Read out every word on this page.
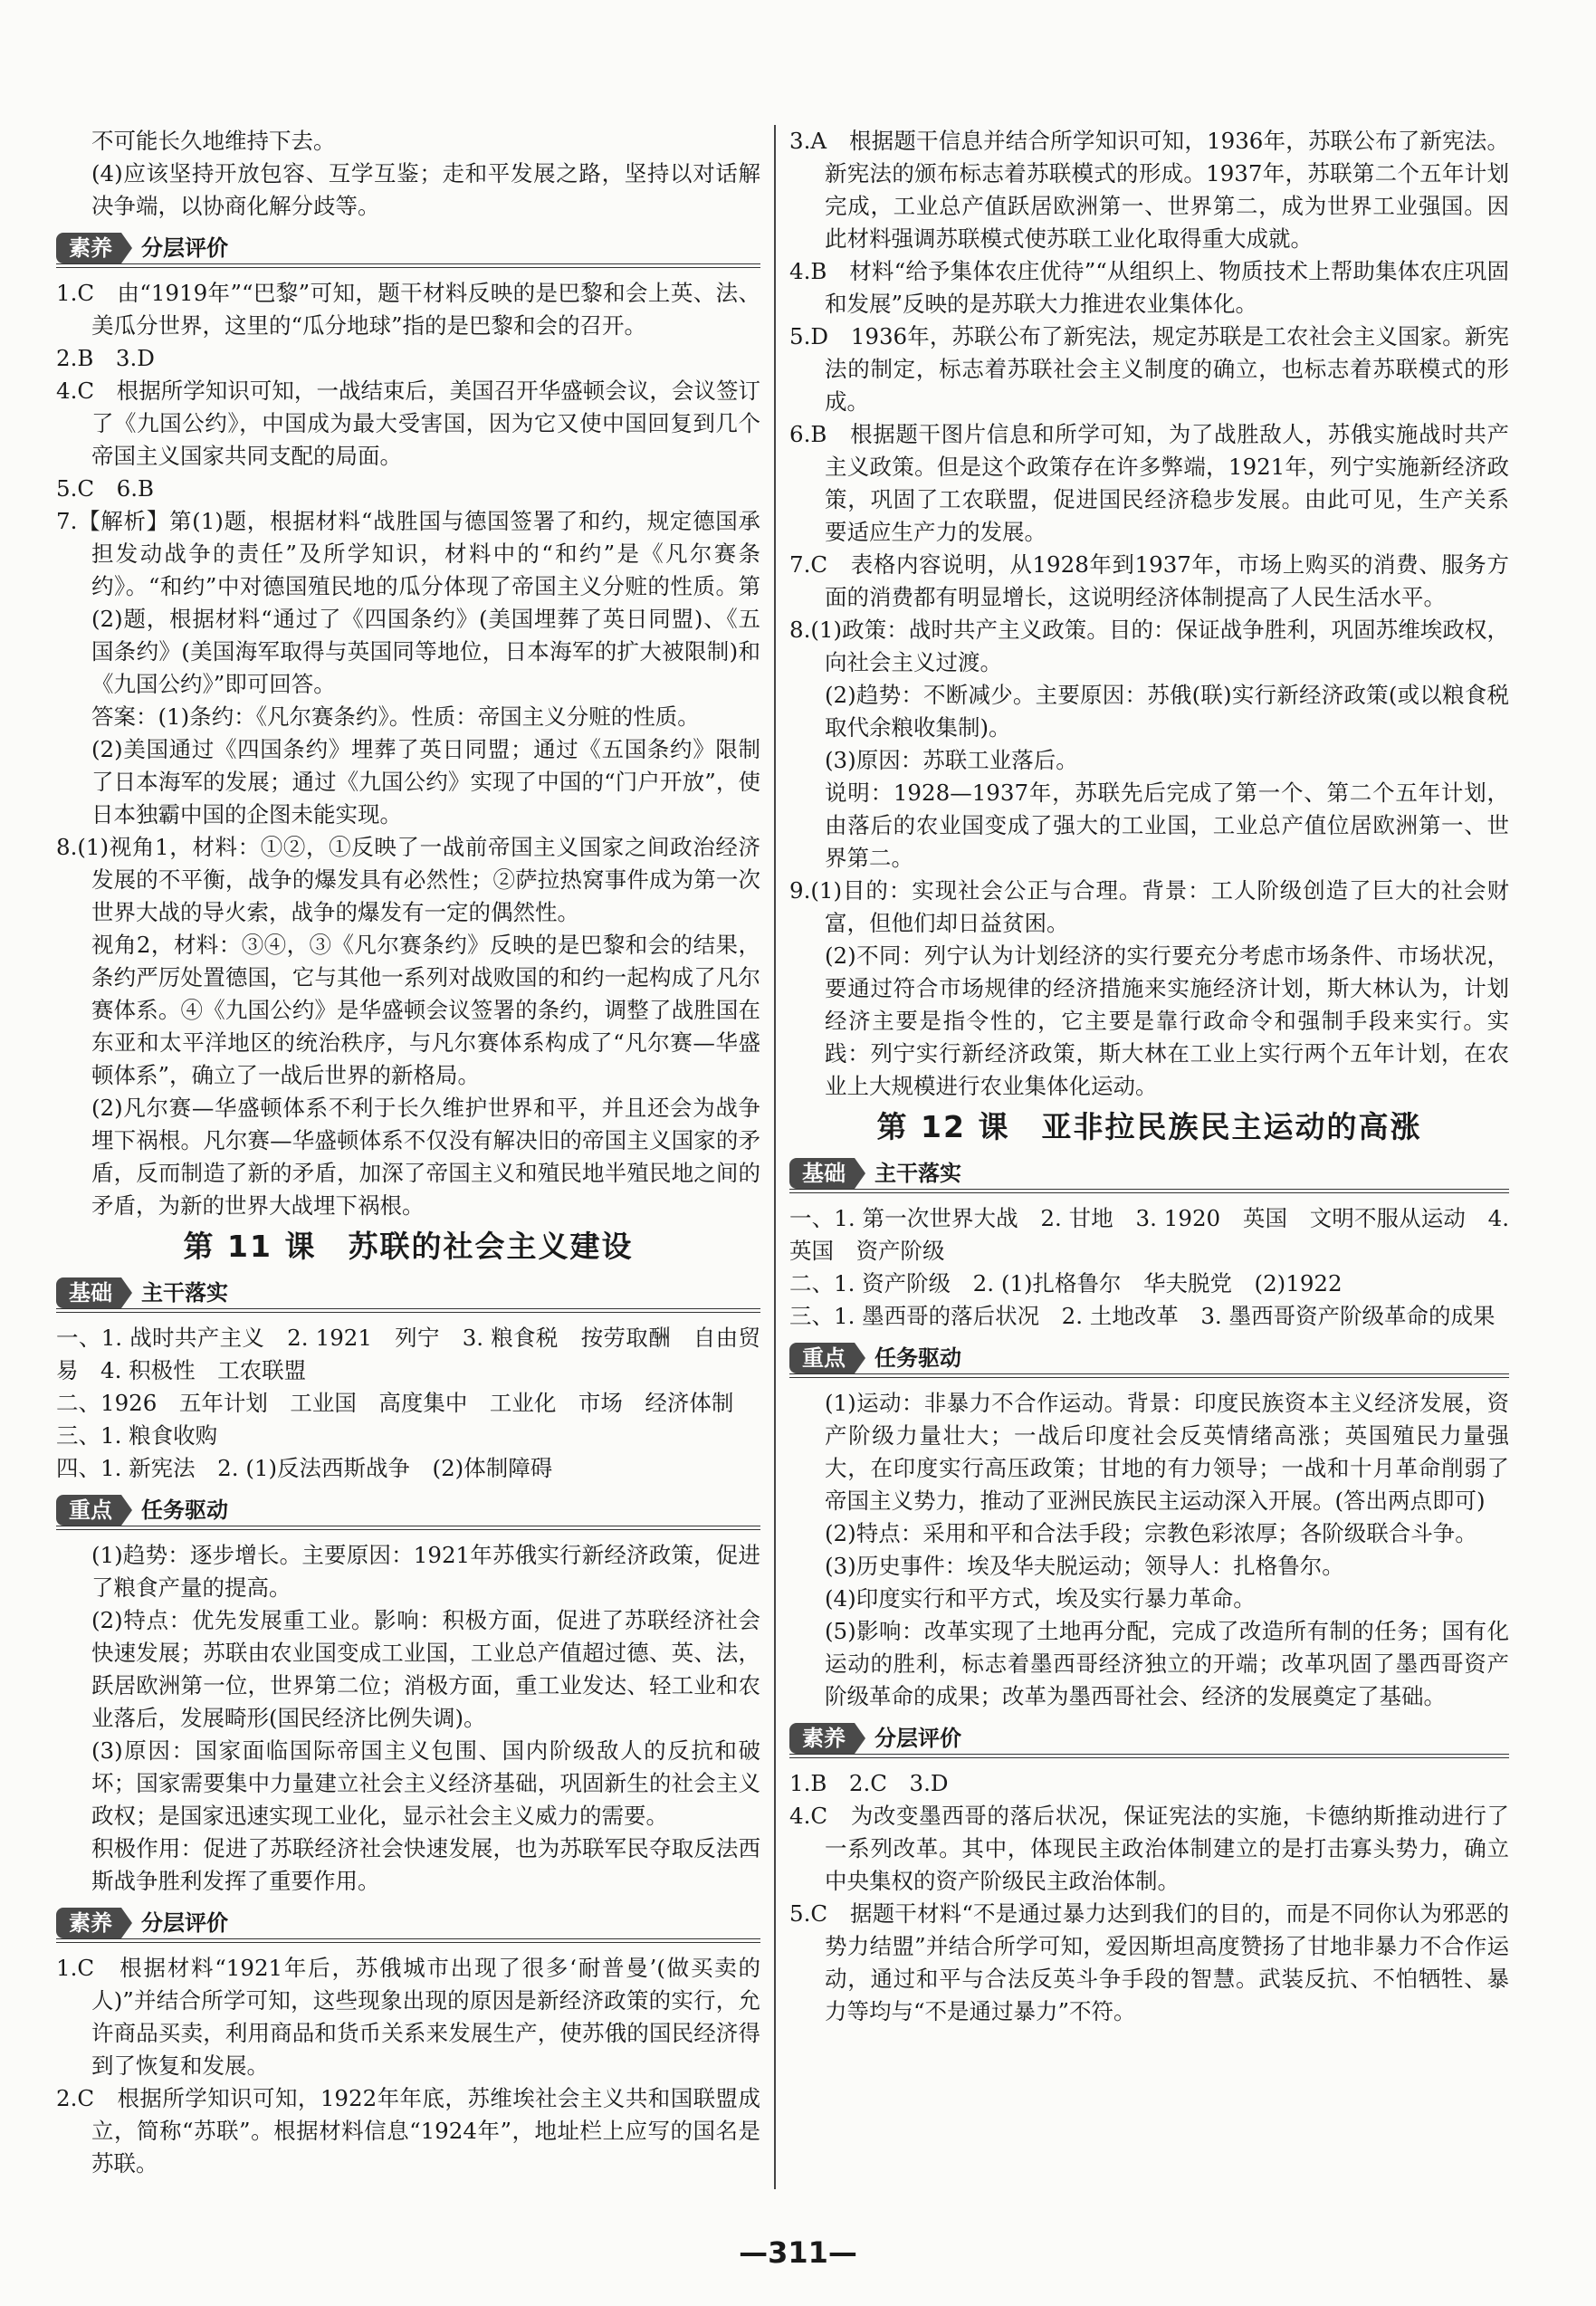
不可能长久地维持下去。

(4)应该坚持开放包容、互学互鉴；走和平发展之路，坚持以对话解决争端，以协商化解分歧等。

素养	分层评价

1.C　由“1919年”“巴黎”可知，题干材料反映的是巴黎和会上英、法、美瓜分世界，这里的“瓜分地球”指的是巴黎和会的召开。

2.B　3.D

4.C　根据所学知识可知，一战结束后，美国召开华盛顿会议，会议签订了《九国公约》，中国成为最大受害国，因为它又使中国回复到几个帝国主义国家共同支配的局面。

5.C　6.B

7.【解析】第(1)题，根据材料“战胜国与德国签署了和约，规定德国承担发动战争的责任”及所学知识，材料中的“和约”是《凡尔赛条约》。“和约”中对德国殖民地的瓜分体现了帝国主义分赃的性质。第(2)题，根据材料“通过了《四国条约》(美国埋葬了英日同盟)、《五国条约》(美国海军取得与英国同等地位，日本海军的扩大被限制)和《九国公约》”即可回答。

答案：(1)条约：《凡尔赛条约》。性质：帝国主义分赃的性质。

(2)美国通过《四国条约》埋葬了英日同盟；通过《五国条约》限制了日本海军的发展；通过《九国公约》实现了中国的“门户开放”，使日本独霸中国的企图未能实现。

8.(1)视角1，材料：①②，①反映了一战前帝国主义国家之间政治经济发展的不平衡，战争的爆发具有必然性；②萨拉热窝事件成为第一次世界大战的导火索，战争的爆发有一定的偶然性。

视角2，材料：③④，③《凡尔赛条约》反映的是巴黎和会的结果，条约严厉处置德国，它与其他一系列对战败国的和约一起构成了凡尔赛体系。④《九国公约》是华盛顿会议签署的条约，调整了战胜国在东亚和太平洋地区的统治秩序，与凡尔赛体系构成了“凡尔赛—华盛顿体系”，确立了一战后世界的新格局。

(2)凡尔赛—华盛顿体系不利于长久维护世界和平，并且还会为战争埋下祸根。凡尔赛—华盛顿体系不仅没有解决旧的帝国主义国家的矛盾，反而制造了新的矛盾，加深了帝国主义和殖民地半殖民地之间的矛盾，为新的世界大战埋下祸根。

第 11 课　苏联的社会主义建设
基础	主干落实

一、1. 战时共产主义　2. 1921　列宁　3. 粮食税　按劳取酬　自由贸易　4. 积极性　工农联盟

二、1926　五年计划　工业国　高度集中　工业化　市场　经济体制

三、1. 粮食收购

四、1. 新宪法　2. (1)反法西斯战争　(2)体制障碍

重点	任务驱动

(1)趋势：逐步增长。主要原因：1921年苏俄实行新经济政策，促进了粮食产量的提高。

(2)特点：优先发展重工业。影响：积极方面，促进了苏联经济社会快速发展；苏联由农业国变成工业国，工业总产值超过德、英、法，跃居欧洲第一位，世界第二位；消极方面，重工业发达、轻工业和农业落后，发展畸形(国民经济比例失调)。

(3)原因：国家面临国际帝国主义包围、国内阶级敌人的反抗和破坏；国家需要集中力量建立社会主义经济基础，巩固新生的社会主义政权；是国家迅速实现工业化，显示社会主义威力的需要。

积极作用：促进了苏联经济社会快速发展，也为苏联军民夺取反法西斯战争胜利发挥了重要作用。

素养	分层评价

1.C　根据材料“1921年后，苏俄城市出现了很多‘耐普曼’(做买卖的人)”并结合所学可知，这些现象出现的原因是新经济政策的实行，允许商品买卖，利用商品和货币关系来发展生产，使苏俄的国民经济得到了恢复和发展。

2.C　根据所学知识可知，1922年年底，苏维埃社会主义共和国联盟成立，简称“苏联”。根据材料信息“1924年”，地址栏上应写的国名是苏联。

3.A　根据题干信息并结合所学知识可知，1936年，苏联公布了新宪法。新宪法的颁布标志着苏联模式的形成。1937年，苏联第二个五年计划完成，工业总产值跃居欧洲第一、世界第二，成为世界工业强国。因此材料强调苏联模式使苏联工业化取得重大成就。

4.B　材料“给予集体农庄优待”“从组织上、物质技术上帮助集体农庄巩固和发展”反映的是苏联大力推进农业集体化。

5.D　1936年，苏联公布了新宪法，规定苏联是工农社会主义国家。新宪法的制定，标志着苏联社会主义制度的确立，也标志着苏联模式的形成。

6.B　根据题干图片信息和所学可知，为了战胜敌人，苏俄实施战时共产主义政策。但是这个政策存在许多弊端，1921年，列宁实施新经济政策，巩固了工农联盟，促进国民经济稳步发展。由此可见，生产关系要适应生产力的发展。

7.C　表格内容说明，从1928年到1937年，市场上购买的消费、服务方面的消费都有明显增长，这说明经济体制提高了人民生活水平。

8.(1)政策：战时共产主义政策。目的：保证战争胜利，巩固苏维埃政权，向社会主义过渡。

(2)趋势：不断减少。主要原因：苏俄(联)实行新经济政策(或以粮食税取代余粮收集制)。

(3)原因：苏联工业落后。

说明：1928—1937年，苏联先后完成了第一个、第二个五年计划，由落后的农业国变成了强大的工业国，工业总产值位居欧洲第一、世界第二。

9.(1)目的：实现社会公正与合理。背景：工人阶级创造了巨大的社会财富，但他们却日益贫困。

(2)不同：列宁认为计划经济的实行要充分考虑市场条件、市场状况，要通过符合市场规律的经济措施来实施经济计划，斯大林认为，计划经济主要是指令性的，它主要是靠行政命令和强制手段来实行。实践：列宁实行新经济政策，斯大林在工业上实行两个五年计划，在农业上大规模进行农业集体化运动。

第 12 课　亚非拉民族民主运动的高涨
基础	主干落实

一、1. 第一次世界大战　2. 甘地　3. 1920　英国　文明不服从运动　4. 英国　资产阶级

二、1. 资产阶级　2. (1)扎格鲁尔　华夫脱党　(2)1922

三、1. 墨西哥的落后状况　2. 土地改革　3. 墨西哥资产阶级革命的成果

重点	任务驱动

(1)运动：非暴力不合作运动。背景：印度民族资本主义经济发展，资产阶级力量壮大；一战后印度社会反英情绪高涨；英国殖民力量强大，在印度实行高压政策；甘地的有力领导；一战和十月革命削弱了帝国主义势力，推动了亚洲民族民主运动深入开展。(答出两点即可)

(2)特点：采用和平和合法手段；宗教色彩浓厚；各阶级联合斗争。

(3)历史事件：埃及华夫脱运动；领导人：扎格鲁尔。

(4)印度实行和平方式，埃及实行暴力革命。

(5)影响：改革实现了土地再分配，完成了改造所有制的任务；国有化运动的胜利，标志着墨西哥经济独立的开端；改革巩固了墨西哥资产阶级革命的成果；改革为墨西哥社会、经济的发展奠定了基础。

素养	分层评价

1.B　2.C　3.D

4.C　为改变墨西哥的落后状况，保证宪法的实施，卡德纳斯推动进行了一系列改革。其中，体现民主政治体制建立的是打击寡头势力，确立中央集权的资产阶级民主政治体制。

5.C　据题干材料“不是通过暴力达到我们的目的，而是不同你认为邪恶的势力结盟”并结合所学可知，爱因斯坦高度赞扬了甘地非暴力不合作运动，通过和平与合法反英斗争手段的智慧。武装反抗、不怕牺牲、暴力等均与“不是通过暴力”不符。

—311—
